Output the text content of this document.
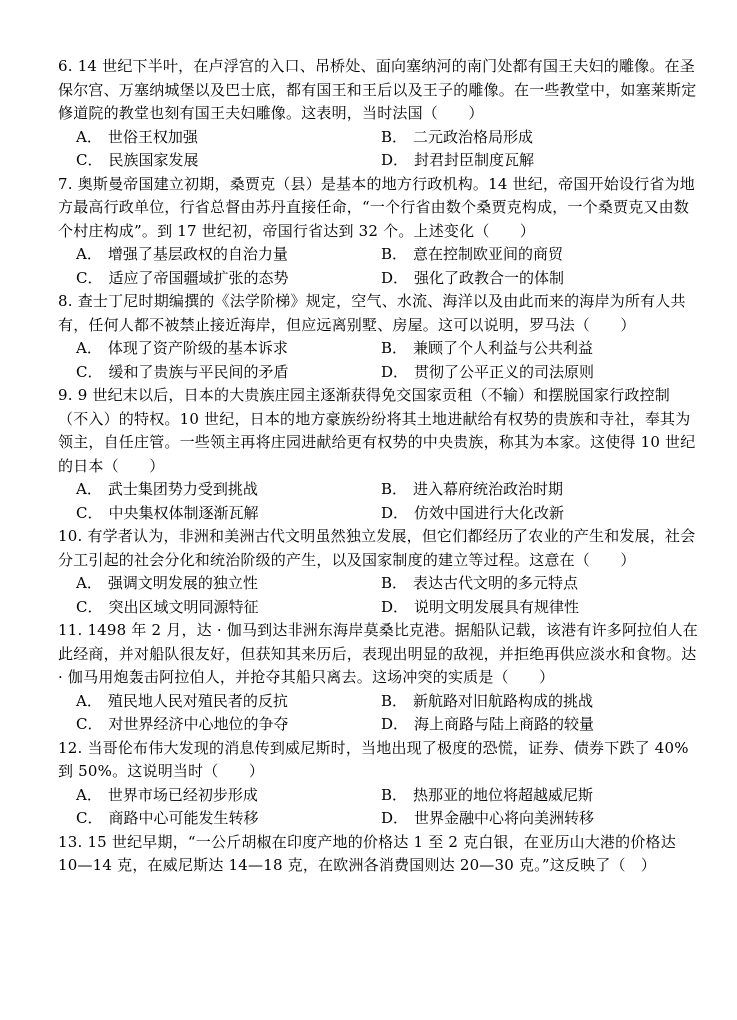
6. 14 世纪下半叶，在卢浮宫的入口、吊桥处、面向塞纳河的南门处都有国王夫妇的雕像。在圣保尔宫、万塞纳城堡以及巴士底，都有国王和王后以及王子的雕像。在一些教堂中，如塞莱斯定修道院的教堂也刻有国王夫妇雕像。这表明，当时法国（　　）
A． 世俗王权加强	B． 二元政治格局形成
C． 民族国家发展	D． 封君封臣制度瓦解
7. 奥斯曼帝国建立初期，桑贾克（县）是基本的地方行政机构。14 世纪，帝国开始设行省为地方最高行政单位，行省总督由苏丹直接任命，“一个行省由数个桑贾克构成，一个桑贾克又由数个村庄构成”。到 17 世纪初，帝国行省达到 32 个。上述变化（　　）
A． 增强了基层政权的自治力量	B． 意在控制欧亚间的商贸
C． 适应了帝国疆域扩张的态势	D． 强化了政教合一的体制
8. 查士丁尼时期编撰的《法学阶梯》规定，空气、水流、海洋以及由此而来的海岸为所有人共有，任何人都不被禁止接近海岸，但应远离别墅、房屋。这可以说明，罗马法（　　）
A． 体现了资产阶级的基本诉求	B． 兼顾了个人利益与公共利益
C． 缓和了贵族与平民间的矛盾	D． 贯彻了公平正义的司法原则
9. 9 世纪末以后，日本的大贵族庄园主逐渐获得免交国家贡租（不输）和摆脱国家行政控制（不入）的特权。10 世纪，日本的地方豪族纷纷将其土地进献给有权势的贵族和寺社，奉其为领主，自任庄管。一些领主再将庄园进献给更有权势的中央贵族，称其为本家。这使得 10 世纪的日本（　　）
A． 武士集团势力受到挑战	B． 进入幕府统治政治时期
C． 中央集权体制逐渐瓦解	D． 仿效中国进行大化改新
10. 有学者认为，非洲和美洲古代文明虽然独立发展，但它们都经历了农业的产生和发展，社会分工引起的社会分化和统治阶级的产生，以及国家制度的建立等过程。这意在（　　）
A． 强调文明发展的独立性	B． 表达古代文明的多元特点
C． 突出区域文明同源特征	D． 说明文明发展具有规律性
11. 1498 年 2 月，达 · 伽马到达非洲东海岸莫桑比克港。据船队记载，该港有许多阿拉伯人在此经商，并对船队很友好，但获知其来历后，表现出明显的敌视，并拒绝再供应淡水和食物。达 · 伽马用炮轰击阿拉伯人，并抢夺其船只离去。这场冲突的实质是（　　）
A． 殖民地人民对殖民者的反抗	B． 新航路对旧航路构成的挑战
C． 对世界经济中心地位的争夺	D． 海上商路与陆上商路的较量
12. 当哥伦布伟大发现的消息传到威尼斯时，当地出现了极度的恐慌，证券、债券下跌了 40%到 50%。这说明当时（　　）
A． 世界市场已经初步形成	B． 热那亚的地位将超越威尼斯
C． 商路中心可能发生转移	D． 世界金融中心将向美洲转移
13. 15 世纪早期，“一公斤胡椒在印度产地的价格达 1 至 2 克白银，在亚历山大港的价格达 10—14 克，在威尼斯达 14—18 克，在欧洲各消费国则达 20—30 克。”这反映了（　）
